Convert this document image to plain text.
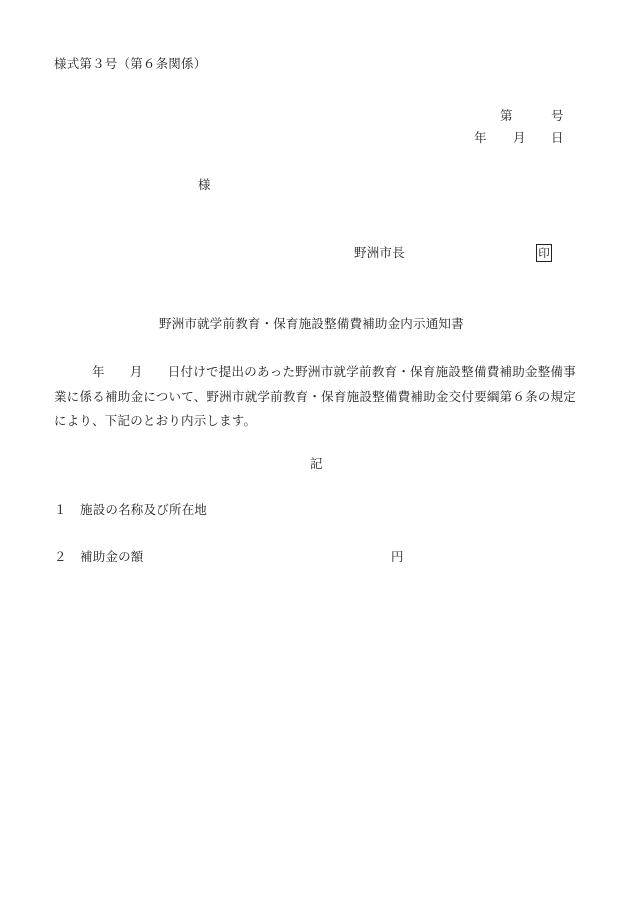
様式第３号（第６条関係）
第	号
年 月 日
様
野洲市長	印
野洲市就学前教育・保育施設整備費補助金内示通知書
年 月 日付けで提出のあった野洲市就学前教育・保育施設整備費補助金整備事業に係る補助金について、野洲市就学前教育・保育施設整備費補助金交付要綱第６条の規定により、下記のとおり内示します。
記
１ 施設の名称及び所在地
２ 補助金の額	円
